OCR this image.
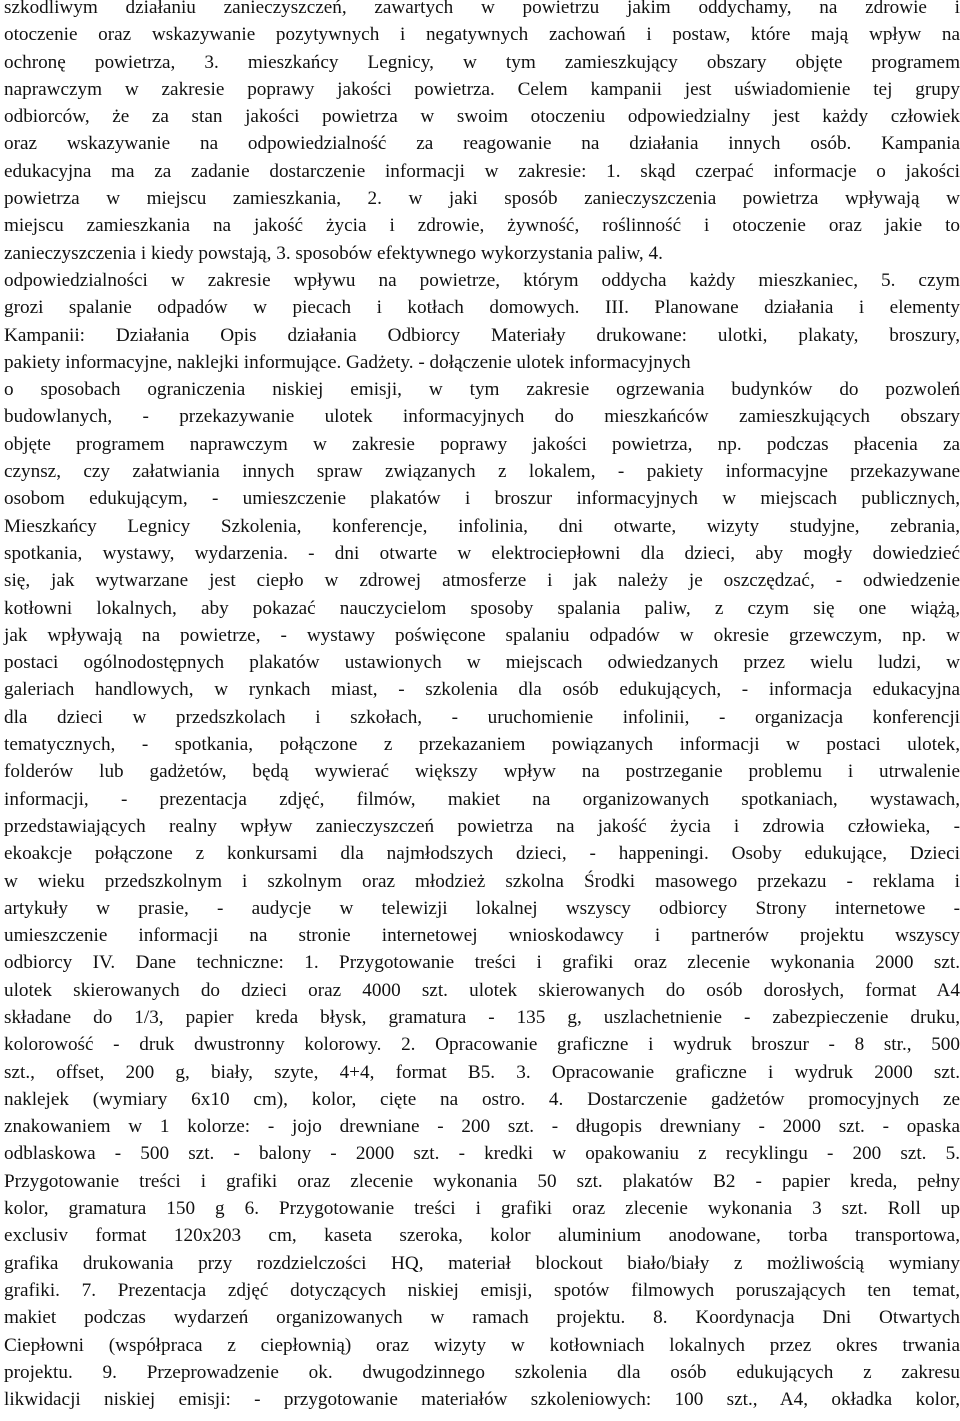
szkodliwym działaniu zanieczyszczeń, zawartych w powietrzu jakim oddychamy, na zdrowie i
otoczenie oraz wskazywanie pozytywnych i negatywnych zachowań i postaw, które mają wpływ na
ochronę powietrza, 3. mieszkańcy Legnicy, w tym zamieszkujący obszary objęte programem
naprawczym w zakresie poprawy jakości powietrza. Celem kampanii jest uświadomienie tej grupy
odbiorców, że za stan jakości powietrza w swoim otoczeniu odpowiedzialny jest każdy człowiek
oraz wskazywanie na odpowiedzialność za reagowanie na działania innych osób. Kampania
edukacyjna ma za zadanie dostarczenie informacji w zakresie: 1. skąd czerpać informacje o jakości
powietrza w miejscu zamieszkania, 2. w jaki sposób zanieczyszczenia powietrza wpływają w
miejscu zamieszkania na jakość życia i zdrowie, żywność, roślinność i otoczenie oraz jakie to
zanieczyszczenia i kiedy powstają, 3. sposobów efektywnego wykorzystania paliw, 4.
odpowiedzialności w zakresie wpływu na powietrze, którym oddycha każdy mieszkaniec, 5. czym
grozi spalanie odpadów w piecach i kotłach domowych. III. Planowane działania i elementy
Kampanii: Działania Opis działania Odbiorcy Materiały drukowane: ulotki, plakaty, broszury,
pakiety informacyjne, naklejki informujące. Gadżety. - dołączenie ulotek informacyjnych
o sposobach ograniczenia niskiej emisji, w tym zakresie ogrzewania budynków do pozwoleń
budowlanych, - przekazywanie ulotek informacyjnych do mieszkańców zamieszkujących obszary
objęte programem naprawczym w zakresie poprawy jakości powietrza, np. podczas płacenia za
czynsz, czy załatwiania innych spraw związanych z lokalem, - pakiety informacyjne przekazywane
osobom edukującym, - umieszczenie plakatów i broszur informacyjnych w miejscach publicznych,
Mieszkańcy Legnicy Szkolenia, konferencje, infolinia, dni otwarte, wizyty studyjne, zebrania,
spotkania, wystawy, wydarzenia. - dni otwarte w elektrociepłowni dla dzieci, aby mogły dowiedzieć
się, jak wytwarzane jest ciepło w zdrowej atmosferze i jak należy je oszczędzać, - odwiedzenie
kotłowni lokalnych, aby pokazać nauczycielom sposoby spalania paliw, z czym się one wiążą,
jak wpływają na powietrze, - wystawy poświęcone spalaniu odpadów w okresie grzewczym, np. w
postaci ogólnodostępnych plakatów ustawionych w miejscach odwiedzanych przez wielu ludzi, w
galeriach handlowych, w rynkach miast, - szkolenia dla osób edukujących, - informacja edukacyjna
dla dzieci w przedszkolach i szkołach, - uruchomienie infolinii, - organizacja konferencji
tematycznych, - spotkania, połączone z przekazaniem powiązanych informacji w postaci ulotek,
folderów lub gadżetów, będą wywierać większy wpływ na postrzeganie problemu i utrwalenie
informacji, - prezentacja zdjęć, filmów, makiet na organizowanych spotkaniach, wystawach,
przedstawiających realny wpływ zanieczyszczeń powietrza na jakość życia i zdrowia człowieka, -
ekoakcje połączone z konkursami dla najmłodszych dzieci, - happeningi. Osoby edukujące, Dzieci
w wieku przedszkolnym i szkolnym oraz młodzież szkolna Środki masowego przekazu - reklama i
artykuły w prasie, - audycje w telewizji lokalnej wszyscy odbiorcy Strony internetowe -
umieszczenie informacji na stronie internetowej wnioskodawcy i partnerów projektu wszyscy
odbiorcy IV. Dane techniczne: 1. Przygotowanie treści i grafiki oraz zlecenie wykonania 2000 szt.
ulotek skierowanych do dzieci oraz 4000 szt. ulotek skierowanych do osób dorosłych, format A4
składane do 1/3, papier kreda błysk, gramatura - 135 g, uszlachetnienie - zabezpieczenie druku,
kolorowość - druk dwustronny kolorowy. 2. Opracowanie graficzne i wydruk broszur - 8 str., 500
szt., offset, 200 g, biały, szyte, 4+4, format B5. 3. Opracowanie graficzne i wydruk 2000 szt.
naklejek (wymiary 6x10 cm), kolor, cięte na ostro. 4. Dostarczenie gadżetów promocyjnych ze
znakowaniem w 1 kolorze: - jojo drewniane - 200 szt. - długopis drewniany - 2000 szt. - opaska
odblaskowa - 500 szt. - balony - 2000 szt. - kredki w opakowaniu z recyklingu - 200 szt. 5.
Przygotowanie treści i grafiki oraz zlecenie wykonania 50 szt. plakatów B2 - papier kreda, pełny
kolor, gramatura 150 g 6. Przygotowanie treści i grafiki oraz zlecenie wykonania 3 szt. Roll up
exclusiv format 120x203 cm, kaseta szeroka, kolor aluminium anodowane, torba transportowa,
grafika drukowania przy rozdzielczości HQ, materiał blockout biało/biały z możliwością wymiany
grafiki. 7. Prezentacja zdjęć dotyczących niskiej emisji, spotów filmowych poruszających ten temat,
makiet podczas wydarzeń organizowanych w ramach projektu. 8. Koordynacja Dni Otwartych
Ciepłowni (współpraca z ciepłownią) oraz wizyty w kotłowniach lokalnych przez okres trwania
projektu. 9. Przeprowadzenie ok. dwugodzinnego szkolenia dla osób edukujących z zakresu
likwidacji niskiej emisji: - przygotowanie materiałów szkoleniowych: 100 szt., A4, okładka kolor,
